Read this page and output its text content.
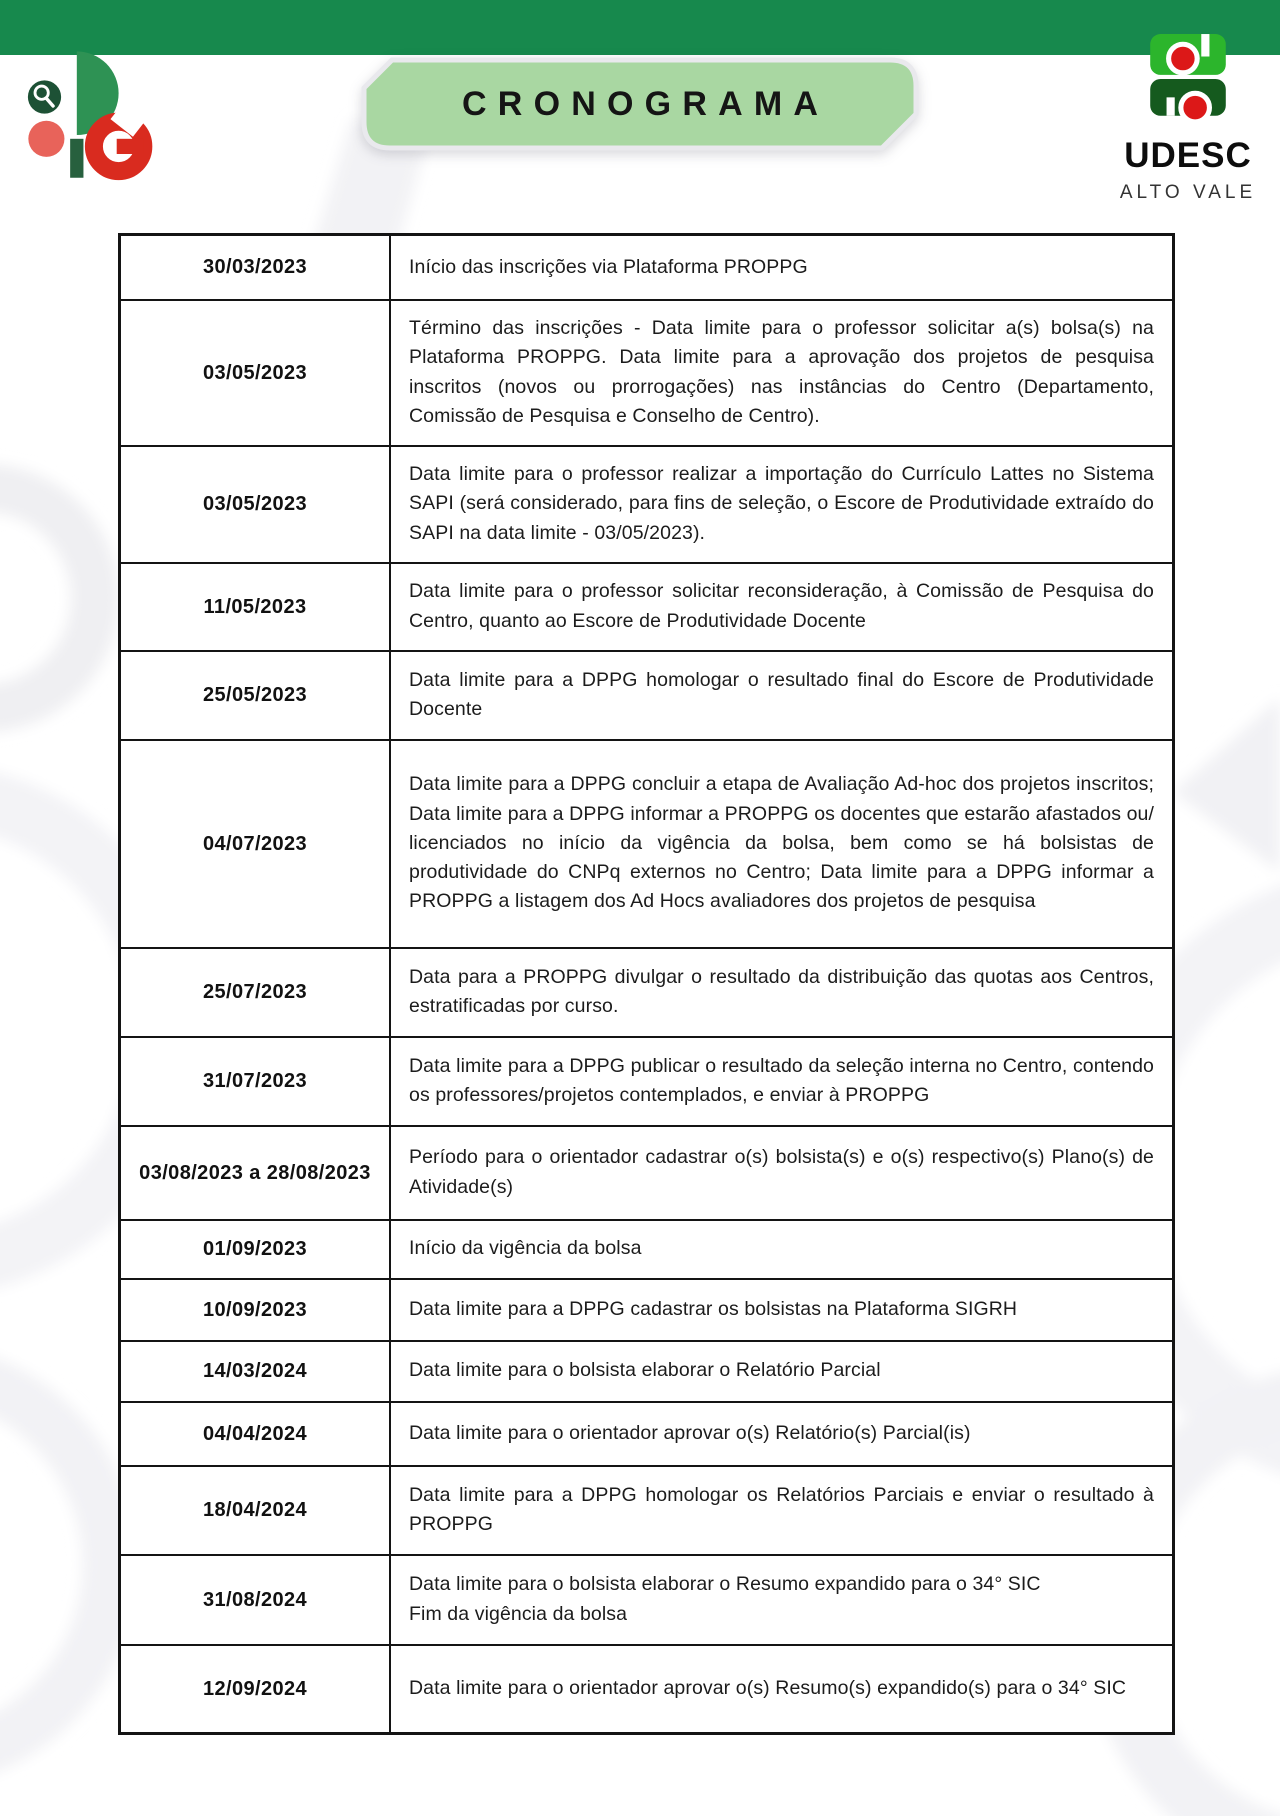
CRONOGRAMA
UDESC
ALTO VALE
30/03/2023	Início das inscrições via Plataforma PROPPG
03/05/2023	Término das inscrições - Data limite para o professor solicitar a(s) bolsa(s) na Plataforma PROPPG. Data limite para a aprovação dos projetos de pesquisa inscritos (novos ou prorrogações) nas instâncias do Centro (Departamento, Comissão de Pesquisa e Conselho de Centro).
03/05/2023	Data limite para o professor realizar a importação do Currículo Lattes no Sistema SAPI (será considerado, para fins de seleção, o Escore de Produtividade extraído do SAPI na data limite - 03/05/2023).
11/05/2023	Data limite para o professor solicitar reconsideração, à Comissão de Pesquisa do Centro, quanto ao Escore de Produtividade Docente
25/05/2023	Data limite para a DPPG homologar o resultado final do Escore de Produtividade Docente
04/07/2023	Data limite para a DPPG concluir a etapa de Avaliação Ad-hoc dos projetos inscritos; Data limite para a DPPG informar a PROPPG os docentes que estarão afastados ou/ licenciados no início da vigência da bolsa, bem como se há bolsistas de produtividade do CNPq externos no Centro; Data limite para a DPPG informar a PROPPG a listagem dos Ad Hocs avaliadores dos projetos de pesquisa
25/07/2023	Data para a PROPPG divulgar o resultado da distribuição das quotas aos Centros, estratificadas por curso.
31/07/2023	Data limite para a DPPG publicar o resultado da seleção interna no Centro, contendo os professores/projetos contemplados, e enviar à PROPPG
03/08/2023 a 28/08/2023	Período para o orientador cadastrar o(s) bolsista(s) e o(s) respectivo(s) Plano(s) de Atividade(s)
01/09/2023	Início da vigência da bolsa
10/09/2023	Data limite para a DPPG cadastrar os bolsistas na Plataforma SIGRH
14/03/2024	Data limite para o bolsista elaborar o Relatório Parcial
04/04/2024	Data limite para o orientador aprovar o(s) Relatório(s) Parcial(is)
18/04/2024	Data limite para a DPPG homologar os Relatórios Parciais e enviar o resultado à PROPPG
31/08/2024	Data limite para o bolsista elaborar o Resumo expandido para o 34° SIC
Fim da vigência da bolsa
12/09/2024	Data limite para o orientador aprovar o(s) Resumo(s) expandido(s) para o 34° SIC
